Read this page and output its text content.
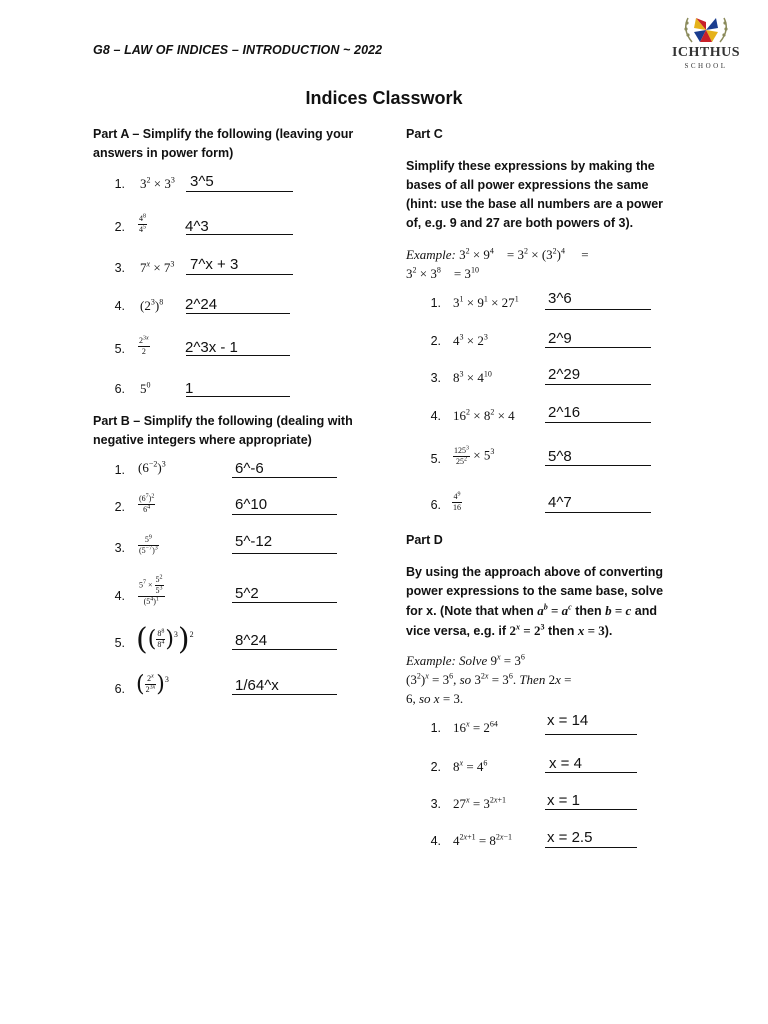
G8 – LAW OF INDICES – INTRODUCTION ~ 2022	ICHTHUS
SCHOOL
Indices Classwork
Part A – Simplify the following (leaving your answers in power form)
1. $3^2 \times 3^3$ 3^5
2. $\frac{4^8}{4^5}$	4^3
3. $7^x \times 7^3$ 7^x + 3
4. $(2^3)^8$ 2^24
5. $\frac{2^{3x}}{2}$ 2^3x - 1
6. $5^0$ 1
Part B – Simplify the following (dealing with negative integers where appropriate)
1. $(6^{-2})^3$	6^-6
2. $\frac{(6^7)^2}{6^4}$	6^10
3. $\frac{5^9}{(5^{-7})^3}$	5^-12
4. $\frac{5^7 \times \frac{5^2}{5^3}}{(5^4)^1}$	5^2
5. (( $\frac{8^8}{8^4} )^3)^2$	8^24
6. ( $\frac{2^x}{2^{3x}} )^3$	1/64^x
Part C
Simplify these expressions by making the bases of all power expressions the same (hint: use the base all numbers are a power of, e.g. 9 and 27 are both powers of 3).
Example: $3^2 \times 9^4$    = $3^2 \times (3^2)^4$     =
$3^2 \times 3^8$    = $3^{10}$
1. $3^1 \times 9^1 \times 27^1$ 3^6
2. $4^3 \times 2^3$	2^9
3. $8^3 \times 4^{10}$	2^29
4. $16^2 \times 8^2 \times 4$ 2^16
5. $\frac{125^3}{25^2} \times 5^3$	5^8
6. $\frac{4^9}{16}$	4^7
Part D
By using the approach above of converting power expressions to the same base, solve for x. (Note that when $a^b = a^c$ then b = c and vice versa, e.g. if $2^x = 2^3$ then x = 3).
Example: Solve $9^x = 3^6$
$(3^2)^x = 3^6$, so $3^{2x} = 3^6$. Then 2x =
6, so x = 3.
1. $16^x = 2^{64}$	x = 14
2. $8^x = 4^6$	x = 4
3. $27^x = 3^{2x+1}$	x = 1
4. $4^{2x+1} = 8^{2x-1}$ x = 2.5
